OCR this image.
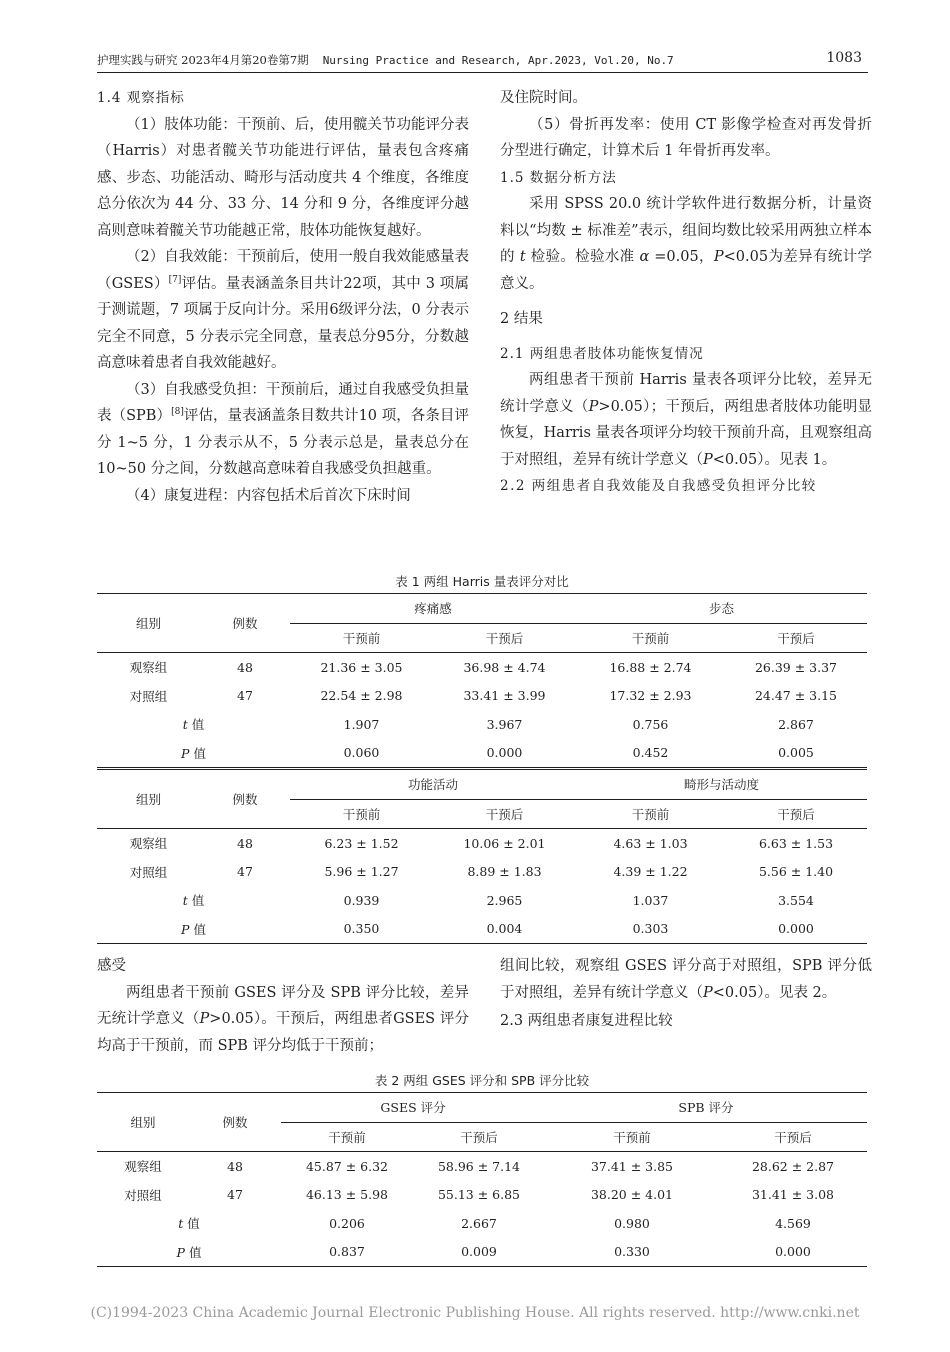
护理实践与研究 2023年4月第20卷第7期 Nursing Practice and Research, Apr.2023, Vol.20, No.7	1083
1.4 观察指标

（1）肢体功能：干预前、后，使用髋关节功能评分表（Harris）对患者髋关节功能进行评估，量表包含疼痛感、步态、功能活动、畸形与活动度共 4 个维度，各维度总分依次为 44 分、33 分、14 分和 9 分，各维度评分越高则意味着髋关节功能越正常，肢体功能恢复越好。

（2）自我效能：干预前后，使用一般自我效能感量表（GSES）[7]评估。量表涵盖条目共计22项，其中 3 项属于测谎题，7 项属于反向计分。采用6级评分法，0 分表示完全不同意，5 分表示完全同意，量表总分95分，分数越高意味着患者自我效能越好。

（3）自我感受负担：干预前后，通过自我感受负担量表（SPB）[8]评估，量表涵盖条目数共计10 项，各条目评分 1~5 分，1 分表示从不，5 分表示总是，量表总分在 10~50 分之间，分数越高意味着自我感受负担越重。

（4）康复进程：内容包括术后首次下床时间

及住院时间。

（5）骨折再发率：使用 CT 影像学检查对再发骨折分型进行确定，计算术后 1 年骨折再发率。

1.5 数据分析方法

采用 SPSS 20.0 统计学软件进行数据分析，计量资料以“均数 ± 标准差”表示，组间均数比较采用两独立样本的 t 检验。检验水准 α =0.05，P<0.05为差异有统计学意义。

2 结果
2.1 两组患者肢体功能恢复情况

两组患者干预前 Harris 量表各项评分比较，差异无统计学意义（P>0.05）；干预后，两组患者肢体功能明显恢复，Harris 量表各项评分均较干预前升高，且观察组高于对照组，差异有统计学意义（P<0.05）。见表 1。

2.2 两组患者自我效能及自我感受负担评分比较
表 1 两组 Harris 量表评分对比
组别	例数	疼痛感		步态	
		干预前	干预后	干预前	干预后
观察组	48	21.36 ± 3.05	36.98 ± 4.74	16.88 ± 2.74	26.39 ± 3.37
对照组	47	22.54 ± 2.98	33.41 ± 3.99	17.32 ± 2.93	24.47 ± 3.15
t 值		1.907	3.967	0.756	2.867
P 值		0.060	0.000	0.452	0.005
组别	例数	功能活动		畸形与活动度	
		干预前	干预后	干预前	干预后
观察组	48	6.23 ± 1.52	10.06 ± 2.01	4.63 ± 1.03	6.63 ± 1.53
对照组	47	5.96 ± 1.27	8.89 ± 1.83	4.39 ± 1.22	5.56 ± 1.40
t 值		0.939	2.965	1.037	3.554
P 值		0.350	0.004	0.303	0.000

感受

两组患者干预前 GSES 评分及 SPB 评分比较，差异无统计学意义（P>0.05）。干预后，两组患者GSES 评分均高于干预前，而 SPB 评分均低于干预前；

组间比较，观察组 GSES 评分高于对照组，SPB 评分低于对照组，差异有统计学意义（P<0.05）。见表 2。

2.3 两组患者康复进程比较
表 2 两组 GSES 评分和 SPB 评分比较
组别	例数	GSES 评分		SPB 评分	
		干预前	干预后	干预前	干预后
观察组	48	45.87 ± 6.32	58.96 ± 7.14	37.41 ± 3.85	28.62 ± 2.87
对照组	47	46.13 ± 5.98	55.13 ± 6.85	38.20 ± 4.01	31.41 ± 3.08
t 值		0.206	2.667	0.980	4.569
P 值		0.837	0.009	0.330	0.000
(C)1994-2023 China Academic Journal Electronic Publishing House. All rights reserved. http://www.cnki.net
